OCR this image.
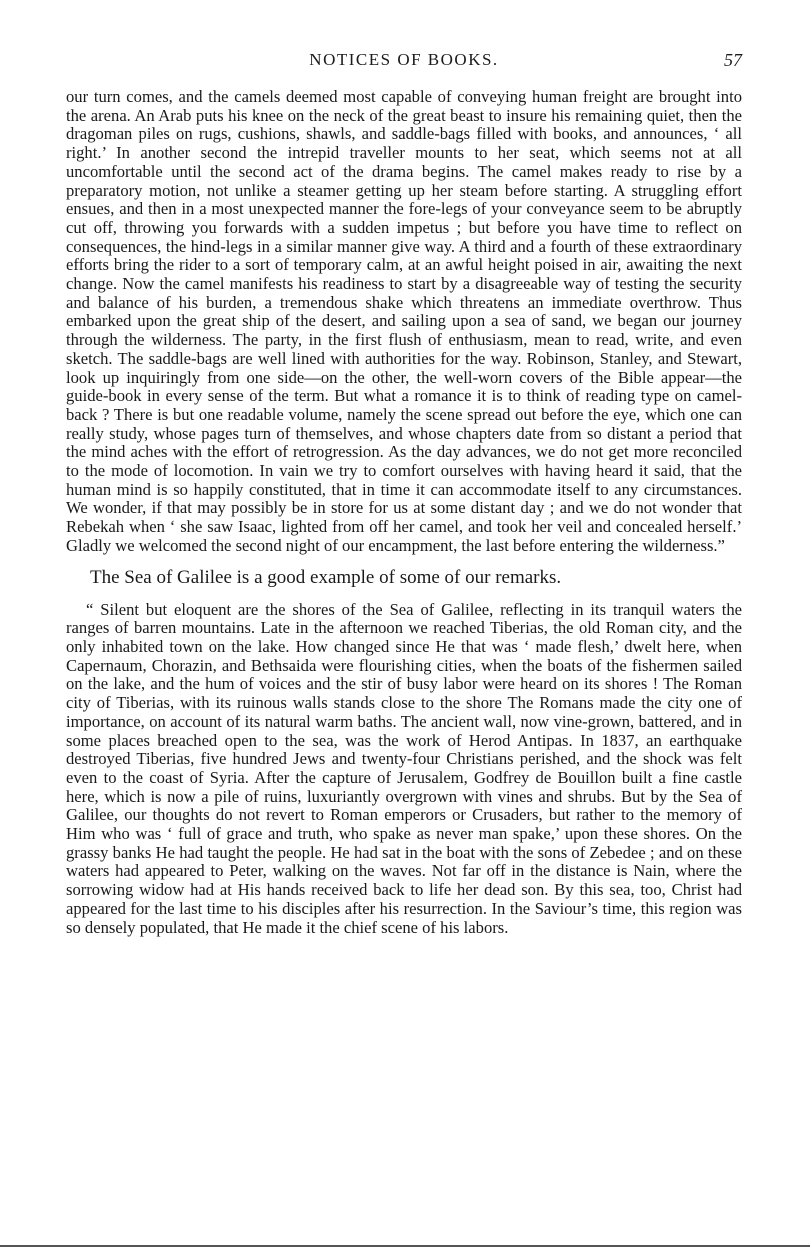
NOTICES OF BOOKS.	57

our turn comes, and the camels deemed most capable of conveying human freight are brought into the arena. An Arab puts his knee on the neck of the great beast to insure his remaining quiet, then the dragoman piles on rugs, cushions, shawls, and saddle-bags filled with books, and announces, ‘ all right.’ In another second the intrepid traveller mounts to her seat, which seems not at all uncomfortable until the second act of the drama begins. The camel makes ready to rise by a preparatory motion, not unlike a steamer getting up her steam before starting. A struggling effort ensues, and then in a most unexpected manner the fore-legs of your conveyance seem to be abruptly cut off, throwing you forwards with a sudden impetus ; but before you have time to reflect on consequences, the hind-legs in a similar manner give way. A third and a fourth of these extraordinary efforts bring the rider to a sort of temporary calm, at an awful height poised in air, awaiting the next change. Now the camel manifests his readiness to start by a disagreeable way of testing the security and balance of his burden, a tremendous shake which threatens an immediate overthrow. Thus embarked upon the great ship of the desert, and sailing upon a sea of sand, we began our journey through the wilderness. The party, in the first flush of enthusiasm, mean to read, write, and even sketch. The saddle-bags are well lined with authorities for the way. Robinson, Stanley, and Stewart, look up inquiringly from one side—on the other, the well-worn covers of the Bible appear—the guide-book in every sense of the term. But what a romance it is to think of reading type on camel-back ? There is but one readable volume, namely the scene spread out before the eye, which one can really study, whose pages turn of themselves, and whose chapters date from so distant a period that the mind aches with the effort of retrogression. As the day advances, we do not get more reconciled to the mode of locomotion. In vain we try to comfort ourselves with having heard it said, that the human mind is so happily constituted, that in time it can accommodate itself to any circumstances. We wonder, if that may possibly be in store for us at some distant day ; and we do not wonder that Rebekah when ‘ she saw Isaac, lighted from off her camel, and took her veil and concealed herself.’ Gladly we welcomed the second night of our encampment, the last before entering the wilderness.”

The Sea of Galilee is a good example of some of our remarks.

“ Silent but eloquent are the shores of the Sea of Galilee, reflecting in its tranquil waters the ranges of barren mountains. Late in the afternoon we reached Tiberias, the old Roman city, and the only inhabited town on the lake. How changed since He that was ‘ made flesh,’ dwelt here, when Capernaum, Chorazin, and Bethsaida were flourishing cities, when the boats of the fishermen sailed on the lake, and the hum of voices and the stir of busy labor were heard on its shores ! The Roman city of Tiberias, with its ruinous walls stands close to the shore The Romans made the city one of importance, on account of its natural warm baths. The ancient wall, now vine-grown, battered, and in some places breached open to the sea, was the work of Herod Antipas. In 1837, an earthquake destroyed Tiberias, five hundred Jews and twenty-four Christians perished, and the shock was felt even to the coast of Syria. After the capture of Jerusalem, Godfrey de Bouillon built a fine castle here, which is now a pile of ruins, luxuriantly overgrown with vines and shrubs. But by the Sea of Galilee, our thoughts do not revert to Roman emperors or Crusaders, but rather to the memory of Him who was ‘ full of grace and truth, who spake as never man spake,’ upon these shores. On the grassy banks He had taught the people. He had sat in the boat with the sons of Zebedee ; and on these waters had appeared to Peter, walking on the waves. Not far off in the distance is Nain, where the sorrowing widow had at His hands received back to life her dead son. By this sea, too, Christ had appeared for the last time to his disciples after his resurrection. In the Saviour’s time, this region was so densely populated, that He made it the chief scene of his labors.
